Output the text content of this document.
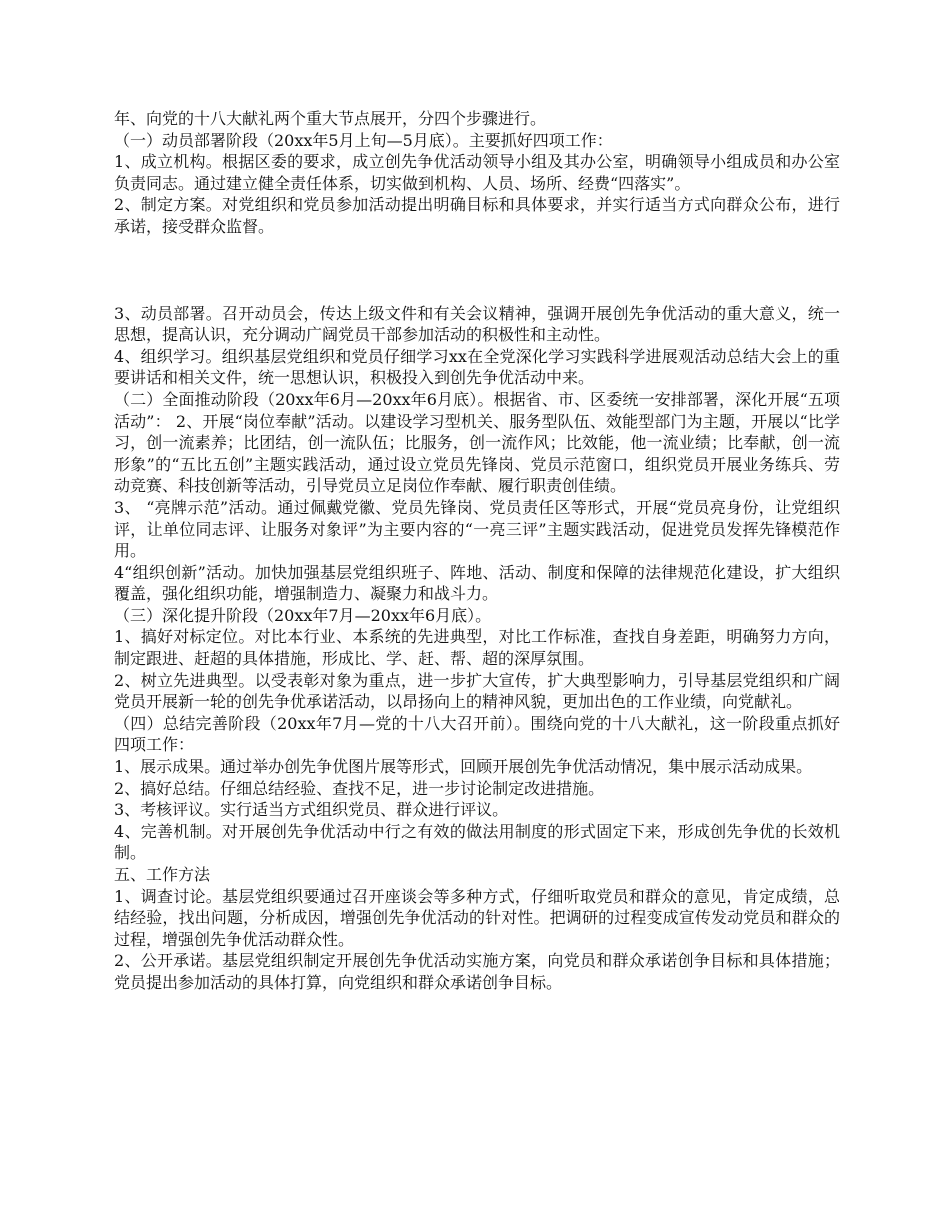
年、向党的十八大献礼两个重大节点展开，分四个步骤进行。

（一）动员部署阶段（20xx年5月上旬—5月底）。主要抓好四项工作：

1、成立机构。根据区委的要求，成立创先争优活动领导小组及其办公室，明确领导小组成员和办公室负责同志。通过建立健全责任体系，切实做到机构、人员、场所、经费“四落实”。

2、制定方案。对党组织和党员参加活动提出明确目标和具体要求，并实行适当方式向群众公布，进行承诺，接受群众监督。

3、动员部署。召开动员会，传达上级文件和有关会议精神，强调开展创先争优活动的重大意义，统一思想，提高认识，充分调动广阔党员干部参加活动的积极性和主动性。

4、组织学习。组织基层党组织和党员仔细学习xx在全党深化学习实践科学进展观活动总结大会上的重要讲话和相关文件，统一思想认识，积极投入到创先争优活动中来。

（二）全面推动阶段（20xx年6月—20xx年6月底）。根据省、市、区委统一安排部署，深化开展“五项活动”： 2、开展“岗位奉献”活动。以建设学习型机关、服务型队伍、效能型部门为主题，开展以“比学习，创一流素养；比团结，创一流队伍；比服务，创一流作风；比效能，他一流业绩；比奉献，创一流形象”的“五比五创”主题实践活动，通过设立党员先锋岗、党员示范窗口，组织党员开展业务练兵、劳动竞赛、科技创新等活动，引导党员立足岗位作奉献、履行职责创佳绩。

3、 “亮牌示范”活动。通过佩戴党徽、党员先锋岗、党员责任区等形式，开展“党员亮身份，让党组织评，让单位同志评、让服务对象评”为主要内容的“一亮三评”主题实践活动，促进党员发挥先锋模范作用。

4“组织创新”活动。加快加强基层党组织班子、阵地、活动、制度和保障的法律规范化建设，扩大组织覆盖，强化组织功能，增强制造力、凝聚力和战斗力。

（三）深化提升阶段（20xx年7月—20xx年6月底）。

1、搞好对标定位。对比本行业、本系统的先进典型，对比工作标准，查找自身差距，明确努力方向，制定跟进、赶超的具体措施，形成比、学、赶、帮、超的深厚氛围。

2、树立先进典型。以受表彰对象为重点，进一步扩大宣传，扩大典型影响力，引导基层党组织和广阔党员开展新一轮的创先争优承诺活动，以昂扬向上的精神风貌，更加出色的工作业绩，向党献礼。

（四）总结完善阶段（20xx年7月—党的十八大召开前）。围绕向党的十八大献礼，这一阶段重点抓好四项工作：

1、展示成果。通过举办创先争优图片展等形式，回顾开展创先争优活动情况，集中展示活动成果。

2、搞好总结。仔细总结经验、查找不足，进一步讨论制定改进措施。

3、考核评议。实行适当方式组织党员、群众进行评议。

4、完善机制。对开展创先争优活动中行之有效的做法用制度的形式固定下来，形成创先争优的长效机制。

五、工作方法

1、调查讨论。基层党组织要通过召开座谈会等多种方式，仔细听取党员和群众的意见，肯定成绩，总结经验，找出问题，分析成因，增强创先争优活动的针对性。把调研的过程变成宣传发动党员和群众的过程，增强创先争优活动群众性。

2、公开承诺。基层党组织制定开展创先争优活动实施方案，向党员和群众承诺创争目标和具体措施；党员提出参加活动的具体打算，向党组织和群众承诺创争目标。
